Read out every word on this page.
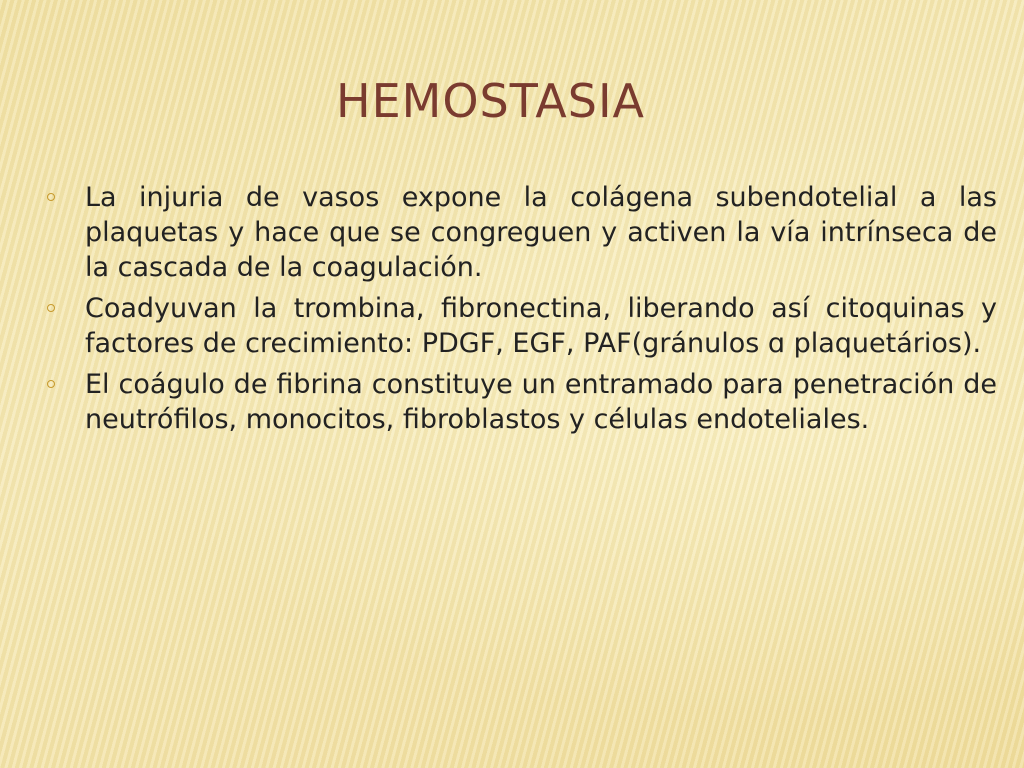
HEMOSTASIA
La injuria de vasos expone la colágena subendotelial a las plaquetas y hace que se congreguen y activen la vía intrínseca de la cascada de la coagulación.
Coadyuvan la trombina, fibronectina, liberando así citoquinas y factores de crecimiento: PDGF, EGF, PAF(gránulos ɑ plaquetários).
El coágulo de fibrina constituye un entramado para penetración de neutrófilos, monocitos, fibroblastos y células endoteliales.
